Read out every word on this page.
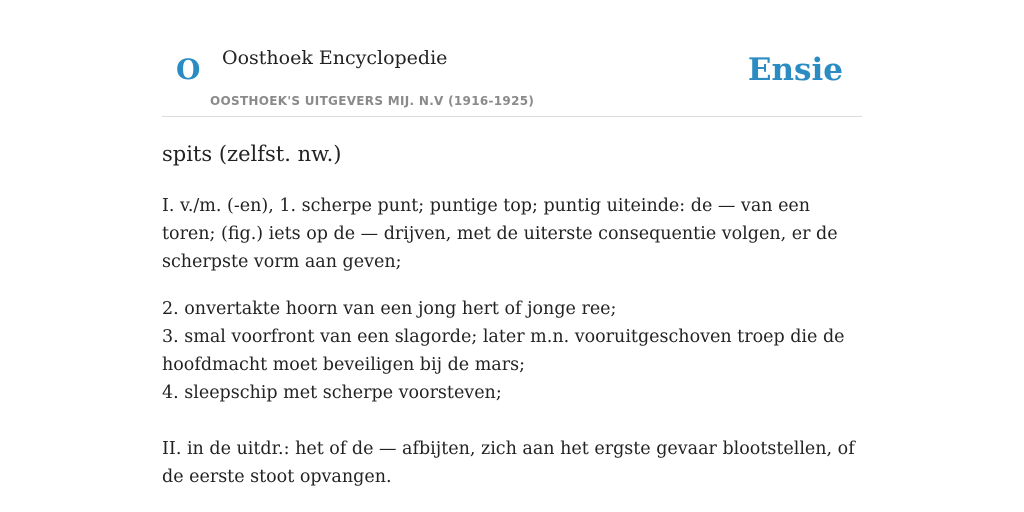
O Oosthoek Encyclopedie
OOSTHOEK'S UITGEVERS MIJ. N.V (1916-1925)
Ensie
spits (zelfst. nw.)

I. v./m. (-en), 1. scherpe punt; puntige top; puntig uiteinde: de — van een toren; (fig.) iets op de — drijven, met de uiterste consequentie volgen, er de scherpste vorm aan geven;

2. onvertakte hoorn van een jong hert of jonge ree;
3. smal voorfront van een slagorde; later m.n. vooruitgeschoven troep die de hoofdmacht moet beveiligen bij de mars;
4. sleepschip met scherpe voorsteven;

II. in de uitdr.: het of de — afbijten, zich aan het ergste gevaar blootstellen, of de eerste stoot opvangen.
